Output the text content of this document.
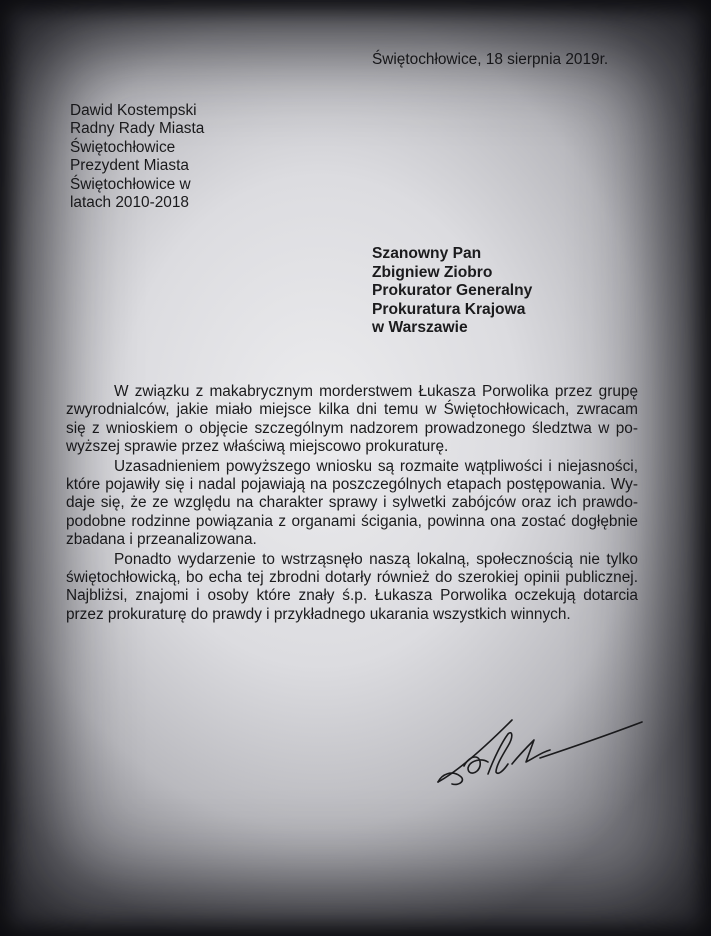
Świętochłowice, 18 sierpnia 2019r.
Dawid Kostempski
Radny Rady Miasta
Świętochłowice
Prezydent Miasta
Świętochłowice w
latach 2010-2018
Szanowny Pan
Zbigniew Ziobro
Prokurator Generalny
Prokuratura Krajowa
w Warszawie
W związku z makabrycznym morderstwem Łukasza Porwolika przez grupę
zwyrodnialców, jakie miało miejsce kilka dni temu w Świętochłowicach, zwracam
się z wnioskiem o objęcie szczególnym nadzorem prowadzonego śledztwa w po-
wyższej sprawie przez właściwą miejscowo prokuraturę.
Uzasadnieniem powyższego wniosku są rozmaite wątpliwości i niejasności,
które pojawiły się i nadal pojawiają na poszczególnych etapach postępowania. Wy-
daje się, że ze względu na charakter sprawy i sylwetki zabójców oraz ich prawdo-
podobne rodzinne powiązania z organami ścigania, powinna ona zostać dogłębnie
zbadana i przeanalizowana.
Ponadto wydarzenie to wstrząsnęło naszą lokalną, społecznością nie tylko
świętochłowicką, bo echa tej zbrodni dotarły również do szerokiej opinii publicznej.
Najbliżsi, znajomi i osoby które znały ś.p. Łukasza Porwolika oczekują dotarcia
przez prokuraturę do prawdy i przykładnego ukarania wszystkich winnych.
